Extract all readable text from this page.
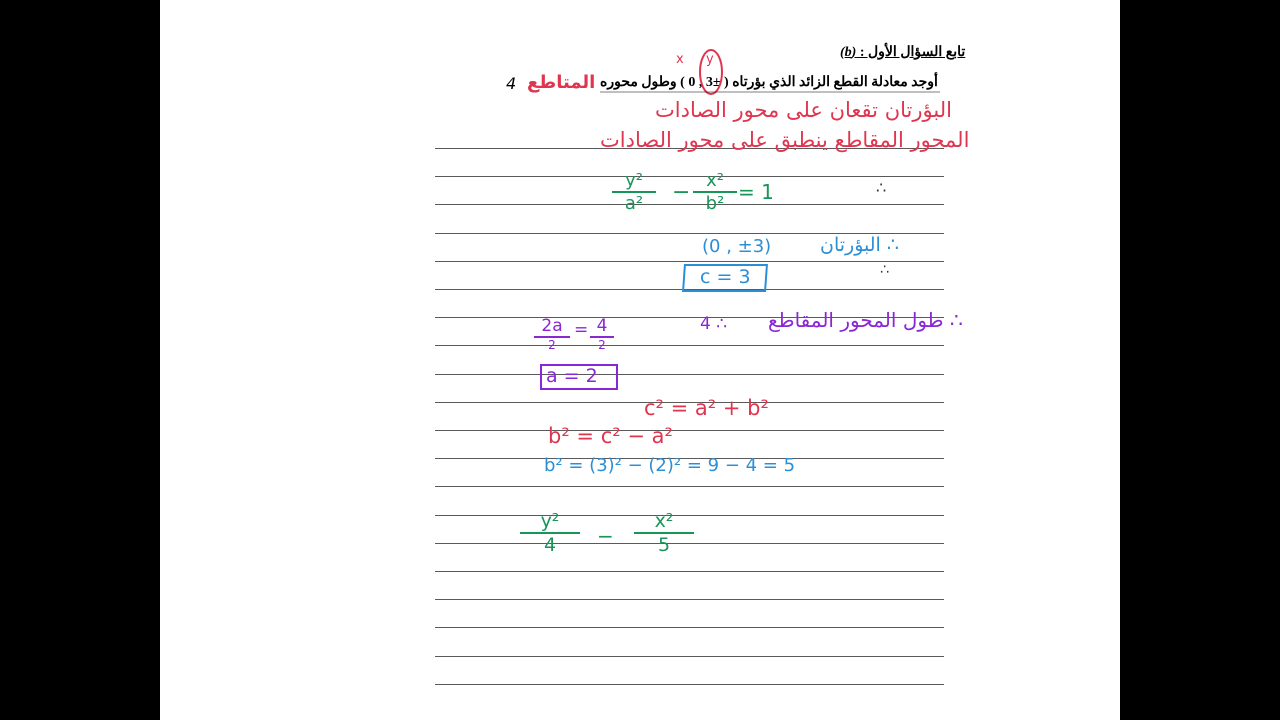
تابع السؤال الأول : (b)
أوجد معادلة القطع الزائد الذي بؤرتاه ( ±3 , 0 ) وطول محوره
المتاطع
4
x y
البؤرتان تقعان على محور الصادات
المحور المقاطع ينطبق على محور الصادات
y²
a²	− x²
b² = 1	∴
∴ البؤرتان
(0 , ±3)
c = 3	∴
∴ طول المحور المقاطع
4 ∴
2a
2
= 4
2
a = 2
c² = a² + b²
b² = c² − a²
b² = (3)² − (2)² = 9 − 4 = 5
y²
4	−
x²
5
